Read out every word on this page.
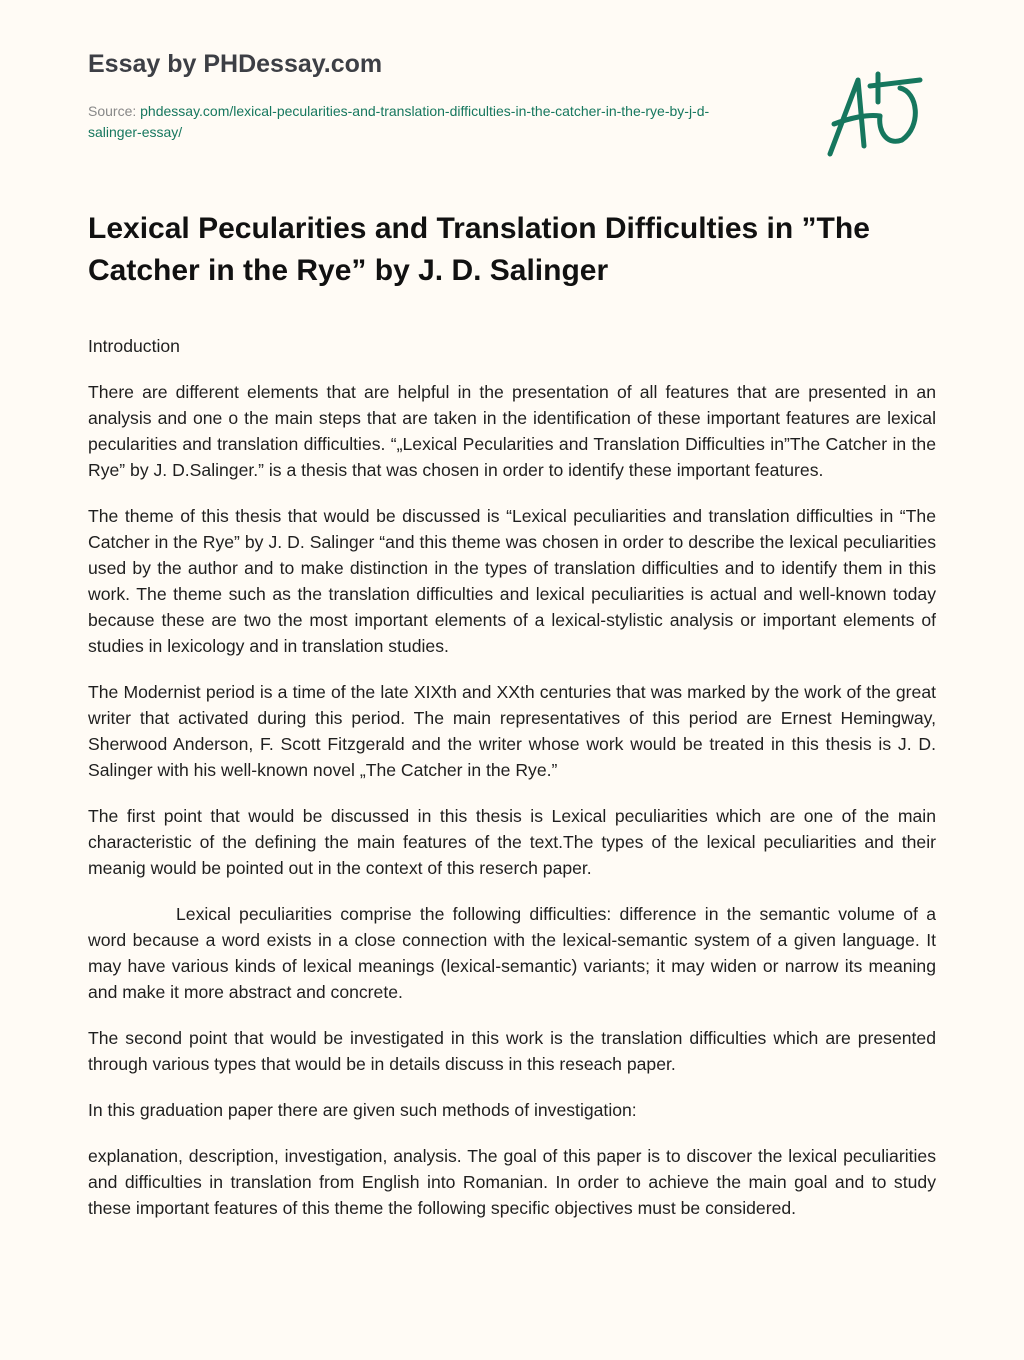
Essay by PHDessay.com
Source: phdessay.com/lexical-pecularities-and-translation-difficulties-in-the-catcher-in-the-rye-by-j-d-salinger-essay/
Lexical Pecularities and Translation Difficulties in ”The Catcher in the Rye” by J. D. Salinger

Introduction

There are different elements that are helpful in the presentation of all features that are presented in an analysis and one o the main steps that are taken in the identification of these important features are lexical pecularities and translation difficulties. “„Lexical Pecularities and Translation Difficulties in”The Catcher in the Rye” by J. D.Salinger.” is a thesis that was chosen in order to identify these important features.

The theme of this thesis that would be discussed is “Lexical peculiarities and translation difficulties in “The Catcher in the Rye” by J. D. Salinger “and this theme was chosen in order to describe the lexical peculiarities used by the author and to make distinction in the types of translation difficulties and to identify them in this work. The theme such as the translation difficulties and lexical peculiarities is actual and well-known today because these are two the most important elements of a lexical-stylistic analysis or important elements of studies in lexicology and in translation studies.

The Modernist period is a time of the late XIXth and XXth centuries that was marked by the work of the great writer that activated during this period. The main representatives of this period are Ernest Hemingway, Sherwood Anderson, F. Scott Fitzgerald and the writer whose work would be treated in this thesis is J. D. Salinger with his well-known novel „The Catcher in the Rye.”

The first point that would be discussed in this thesis is Lexical peculiarities which are one of the main characteristic of the defining the main features of the text.The types of the lexical peculiarities and their meanig would be pointed out in the context of this reserch paper.

Lexical peculiarities comprise the following difficulties: difference in the semantic volume of a word because a word exists in a close connection with the lexical-semantic system of a given language. It may have various kinds of lexical meanings (lexical-semantic) variants; it may widen or narrow its meaning and make it more abstract and concrete.

The second point that would be investigated in this work is the translation difficulties which are presented through various types that would be in details discuss in this reseach paper.

In this graduation paper there are given such methods of investigation:

explanation, description, investigation, analysis. The goal of this paper is to discover the lexical peculiarities and difficulties in translation from English into Romanian. In order to achieve the main goal and to study these important features of this theme the following specific objectives must be considered.
